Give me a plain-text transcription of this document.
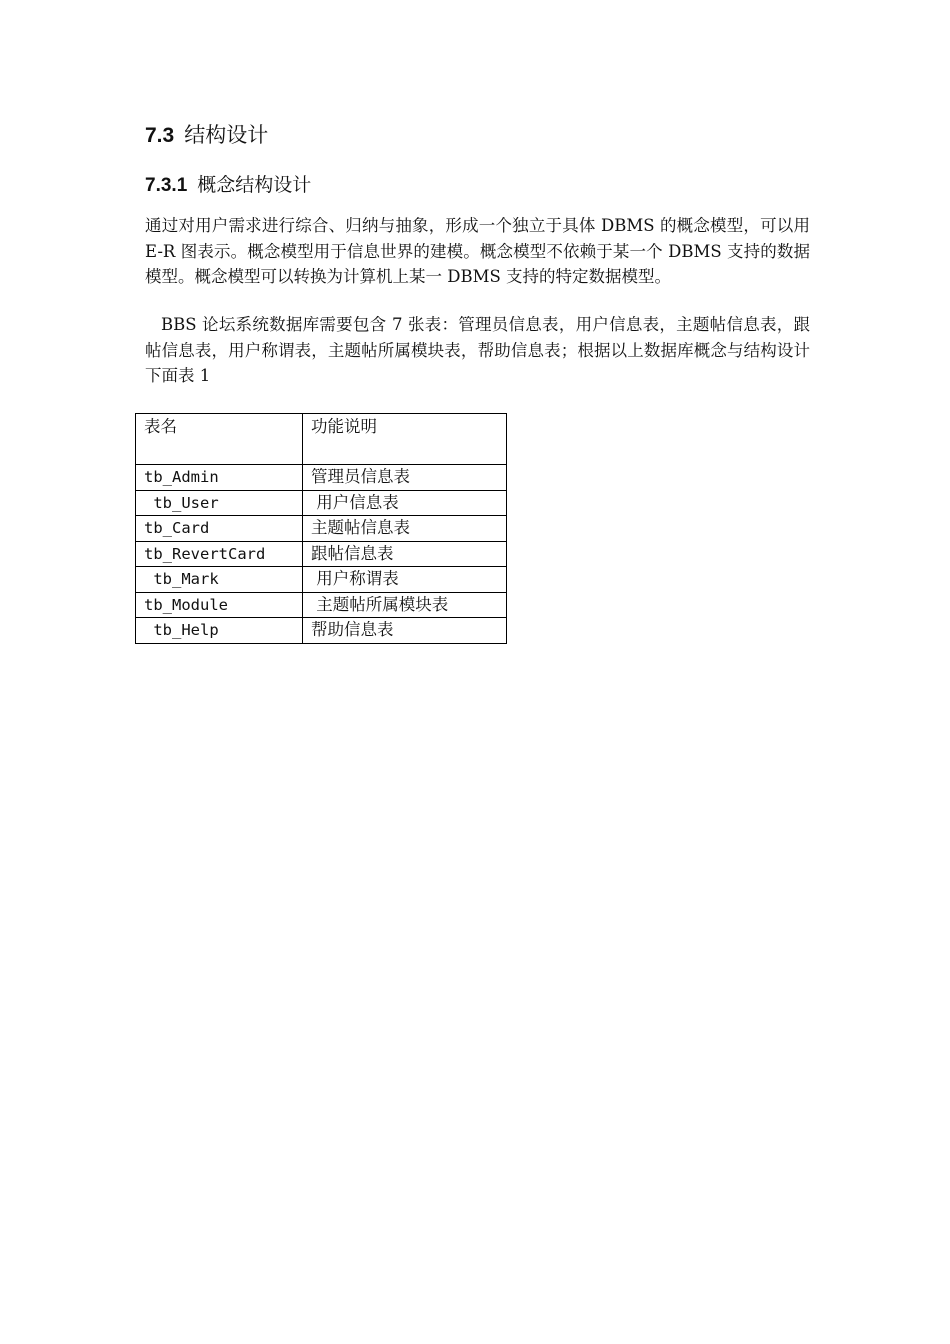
7.3 结构设计
7.3.1 概念结构设计
通过对用户需求进行综合、归纳与抽象，形成一个独立于具体 DBMS 的概念模型，可以用 E-R 图表示。概念模型用于信息世界的建模。概念模型不依赖于某一个 DBMS 支持的数据模型。概念模型可以转换为计算机上某一 DBMS 支持的特定数据模型。
BBS 论坛系统数据库需要包含 7 张表：管理员信息表，用户信息表，主题帖信息表，跟帖信息表，用户称谓表，主题帖所属模块表，帮助信息表；根据以上数据库概念与结构设计下面表 1
表名	功能说明
tb_Admin	管理员信息表
tb_User	用户信息表
tb_Card	主题帖信息表
tb_RevertCard	跟帖信息表
tb_Mark	用户称谓表
tb_Module	主题帖所属模块表
tb_Help	帮助信息表
